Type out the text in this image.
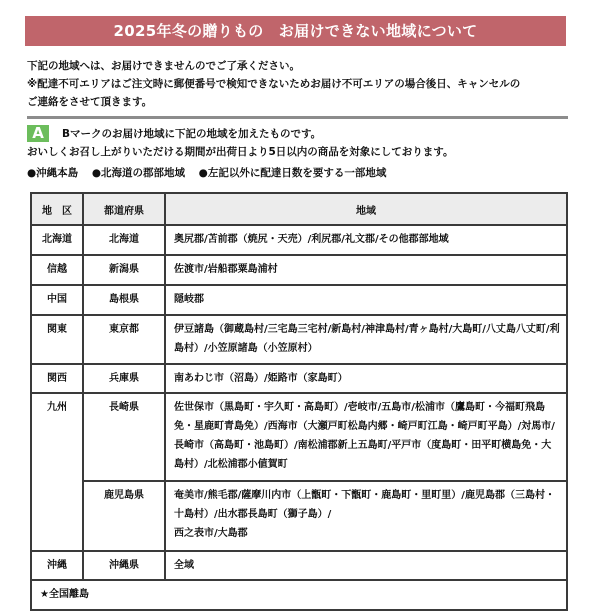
2025年冬の贈りもの　お届けできない地域について

下記の地域へは、お届けできませんのでご了承ください。

※配達不可エリアはご注文時に郵便番号で検知できないためお届け不可エリアの場合後日、キャンセルの

ご連絡をさせて頂きます。

A	Bマークのお届け地域に下記の地域を加えたものです。

おいしくお召し上がりいただける期間が出荷日より5日以内の商品を対象にしております。

●沖縄本島 ●北海道の郡部地域 ●左記以外に配達日数を要する一部地域

地　区	都道府県	地域
北海道	北海道	奥尻郡/苫前郡（焼尻・天売）/利尻郡/礼文郡/その他郡部地域
信越	新潟県	佐渡市/岩船郡粟島浦村
中国	島根県	隠岐郡
関東	東京都	伊豆諸島（御蔵島村/三宅島三宅村/新島村/神津島村/青ヶ島村/大島町/八丈島八丈町/利島村）/小笠原諸島（小笠原村）
関西	兵庫県	南あわじ市（沼島）/姫路市（家島町）
九州	長崎県	佐世保市（黒島町・宇久町・高島町）/壱岐市/五島市/松浦市（鷹島町・今福町飛島免・星鹿町青島免）/西海市（大瀬戸町松島内郷・崎戸町江島・崎戸町平島）/対馬市/長崎市（高島町・池島町）/南松浦郡新上五島町/平戸市（度島町・田平町横島免・大島村）/北松浦郡小値賀町
	鹿児島県	奄美市/熊毛郡/薩摩川内市（上甑町・下甑町・鹿島町・里町里）/鹿児島郡（三島村・十島村）/出水郡長島町（獅子島）/
西之表市/大島郡

沖縄	沖縄県	全域
★全国離島		
